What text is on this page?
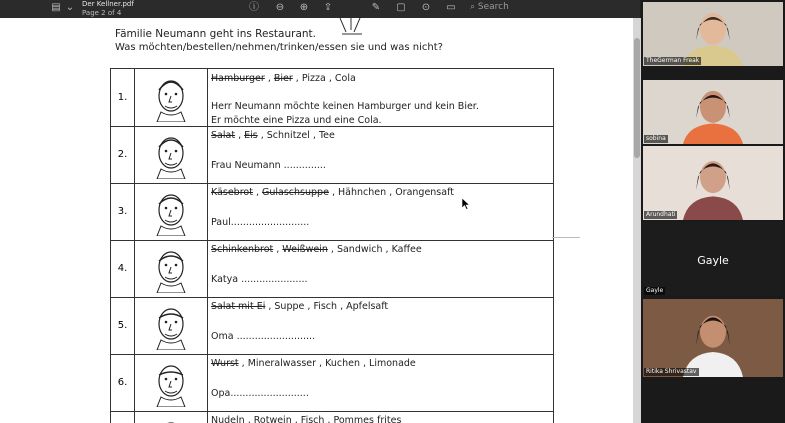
▤ ⌄ Der Kellner.pdf
Page 2 of 4	ⓘ ⊖ ⊕ ⇪	✎ ▢ ⊙ ▭ ⌕ Search
Fämilie Neumann geht ins Restaurant.
Was möchten/bestellen/nehmen/trinken/essen sie und was nicht?
1.
Hamburger , Bier , Pizza , Cola
Herr Neumann möchte keinen Hamburger und kein Bier.
Er möchte eine Pizza und eine Cola.
2.
Salat , Eis , Schnitzel , Tee
Frau Neumann ..............
3.
Käsebrot , Gulaschsuppe , Hähnchen , Orangensaft
Paul..........................
4.
Schinkenbrot , Weißwein , Sandwich , Kaffee
Katya ......................
5.
Salat mit Ei , Suppe , Fisch , Apfelsaft
Oma ..........................
6.
Wurst , Mineralwasser , Kuchen , Limonade
Opa..........................
Nudeln , Rotwein , Fisch , Pommes frites
TheGerman Freak
sobina
Arundhati
Gayle
Gayle
Ritika Shrivastav
